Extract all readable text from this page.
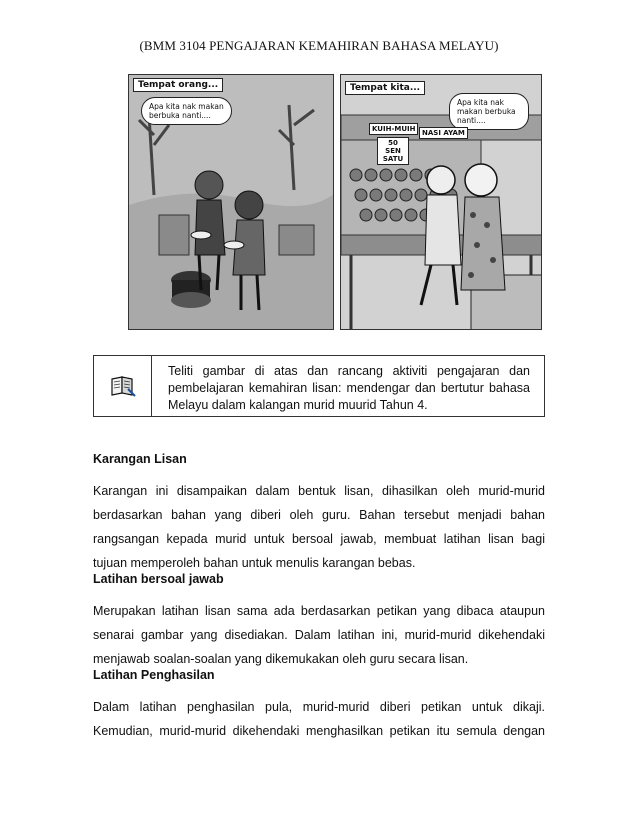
(BMM 3104 PENGAJARAN KEMAHIRAN BAHASA MELAYU)
Tempat orang...
Apa kita nak makan
berbuka nanti....
Tempat kita...
Apa kita nak
makan berbuka
nanti....
KUIH-MUIH
50 SEN SATU
NASI AYAM
Teliti gambar di atas dan rancang aktiviti pengajaran dan
pembelajaran kemahiran lisan: mendengar dan bertutur bahasa
Melayu dalam kalangan murid muurid Tahun 4.
Karangan Lisan
Karangan ini disampaikan dalam bentuk lisan, dihasilkan oleh murid-murid
berdasarkan bahan yang diberi oleh guru. Bahan tersebut menjadi bahan
rangsangan kepada murid untuk bersoal jawab, membuat latihan lisan bagi
tujuan memperoleh bahan untuk menulis karangan bebas.
Latihan bersoal jawab
Merupakan latihan lisan sama ada berdasarkan petikan yang dibaca ataupun
senarai gambar yang disediakan. Dalam latihan ini, murid-murid dikehendaki
menjawab soalan-soalan yang dikemukakan oleh guru secara lisan.
Latihan Penghasilan
Dalam latihan penghasilan pula, murid-murid diberi petikan untuk dikaji.
Kemudian, murid-murid dikehendaki menghasilkan petikan itu semula dengan
